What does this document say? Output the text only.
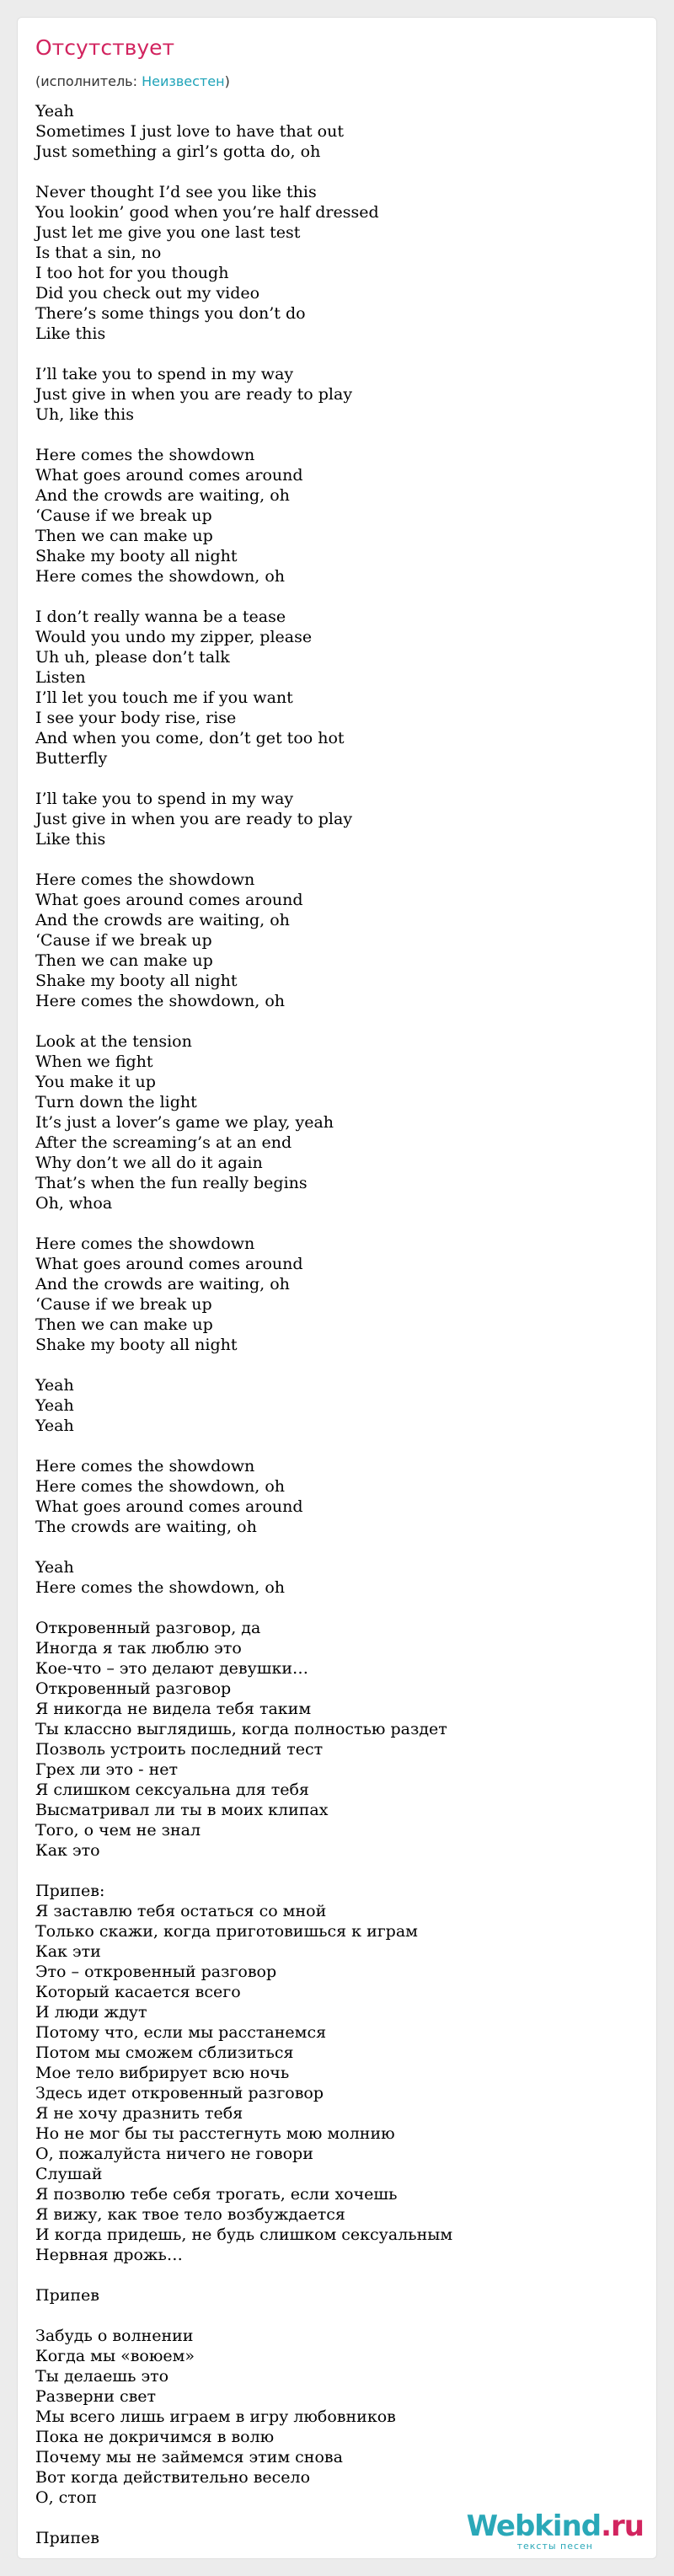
Отсутствует
(исполнитель: Неизвестен)
Yeah
Sometimes I just love to have that out
Just something a girl’s gotta do, oh

Never thought I’d see you like this
You lookin’ good when you’re half dressed
Just let me give you one last test
Is that a sin, no
I too hot for you though
Did you check out my video
There’s some things you don’t do
Like this

I’ll take you to spend in my way
Just give in when you are ready to play
Uh, like this

Here comes the showdown
What goes around comes around
And the crowds are waiting, oh
‘Cause if we break up
Then we can make up
Shake my booty all night
Here comes the showdown, oh

I don’t really wanna be a tease
Would you undo my zipper, please
Uh uh, please don’t talk
Listen
I’ll let you touch me if you want
I see your body rise, rise
And when you come, don’t get too hot
Butterfly

I’ll take you to spend in my way
Just give in when you are ready to play
Like this

Here comes the showdown
What goes around comes around
And the crowds are waiting, oh
‘Cause if we break up
Then we can make up
Shake my booty all night
Here comes the showdown, oh

Look at the tension
When we fight
You make it up
Turn down the light
It’s just a lover’s game we play, yeah
After the screaming’s at an end
Why don’t we all do it again
That’s when the fun really begins
Oh, whoa

Here comes the showdown
What goes around comes around
And the crowds are waiting, oh
‘Cause if we break up
Then we can make up
Shake my booty all night

Yeah
Yeah
Yeah

Here comes the showdown
Here comes the showdown, oh
What goes around comes around
The crowds are waiting, oh

Yeah
Here comes the showdown, oh

Откровенный разговор, да
Иногда я так люблю это
Кое-что – это делают девушки…
Откровенный разговор
Я никогда не видела тебя таким
Ты классно выглядишь, когда полностью раздет
Позволь устроить последний тест
Грех ли это - нет
Я слишком сексуальна для тебя
Высматривал ли ты в моих клипах
Того, о чем не знал
Как это

Припев:
Я заставлю тебя остаться со мной
Только скажи, когда приготовишься к играм
Как эти
Это – откровенный разговор
Который касается всего
И люди ждут
Потому что, если мы расстанемся
Потом мы сможем сблизиться
Мое тело вибрирует всю ночь
Здесь идет откровенный разговор
Я не хочу дразнить тебя
Но не мог бы ты расстегнуть мою молнию
О, пожалуйста ничего не говори
Слушай
Я позволю тебе себя трогать, если хочешь
Я вижу, как твое тело возбуждается
И когда придешь, не будь слишком сексуальным
Нервная дрожь…

Припев

Забудь о волнении
Когда мы «воюем»
Ты делаешь это
Разверни свет
Мы всего лишь играем в игру любовников
Пока не докричимся в волю
Почему мы не займемся этим снова
Вот когда действительно весело
О, стоп

Припев	Webkind.ru
тексты песен
